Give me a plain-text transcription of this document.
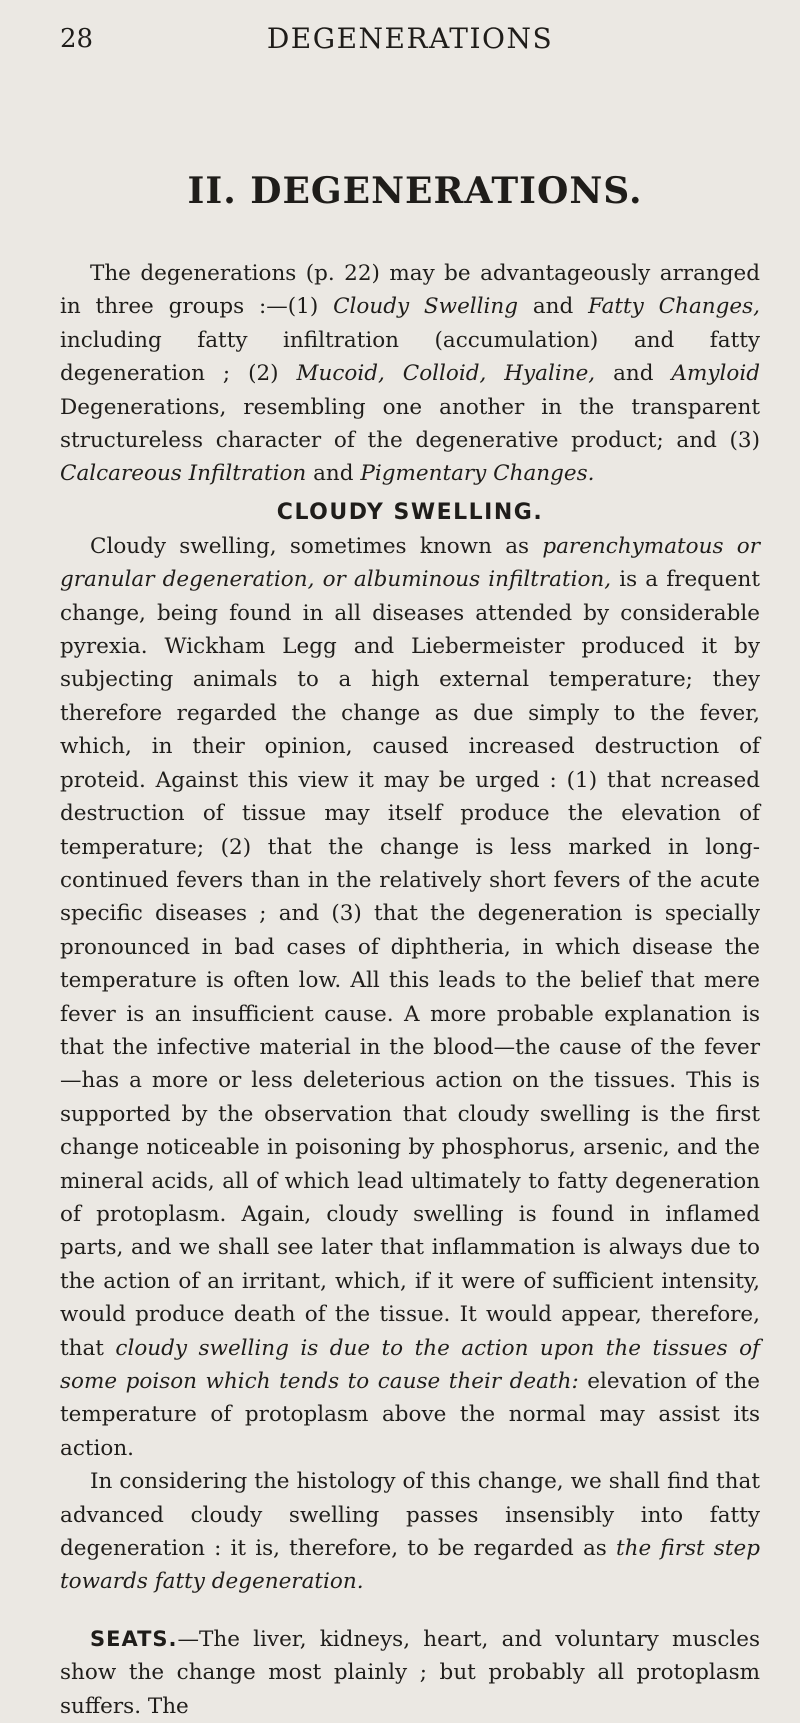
28	DEGENERATIONS
II. DEGENERATIONS.

The degenerations (p. 22) may be advantageously arranged in three groups :—(1) Cloudy Swelling and Fatty Changes, including fatty infiltration (accumulation) and fatty degeneration ; (2) Mucoid, Colloid, Hyaline, and Amyloid Degenerations, resembling one another in the transparent structureless character of the degenerative product; and (3) Calcareous Infiltration and Pigmentary Changes.

CLOUDY SWELLING.

Cloudy swelling, sometimes known as parenchymatous or granular degeneration, or albuminous infiltration, is a frequent change, being found in all diseases attended by considerable pyrexia. Wickham Legg and Liebermeister produced it by subjecting animals to a high external temperature; they therefore regarded the change as due simply to the fever, which, in their opinion, caused increased destruction of proteid. Against this view it may be urged : (1) that ncreased destruction of tissue may itself produce the elevation of temperature; (2) that the change is less marked in long-continued fevers than in the relatively short fevers of the acute specific diseases ; and (3) that the degeneration is specially pronounced in bad cases of diphtheria, in which disease the temperature is often low. All this leads to the belief that mere fever is an insufficient cause. A more probable explanation is that the infective material in the blood—the cause of the fever—has a more or less deleterious action on the tissues. This is supported by the observation that cloudy swelling is the first change noticeable in poisoning by phosphorus, arsenic, and the mineral acids, all of which lead ultimately to fatty degeneration of protoplasm. Again, cloudy swelling is found in inflamed parts, and we shall see later that inflammation is always due to the action of an irritant, which, if it were of sufficient intensity, would produce death of the tissue. It would appear, therefore, that cloudy swelling is due to the action upon the tissues of some poison which tends to cause their death: elevation of the temperature of protoplasm above the normal may assist its action.

In considering the histology of this change, we shall find that advanced cloudy swelling passes insensibly into fatty degeneration : it is, therefore, to be regarded as the first step towards fatty degeneration.

SEATS.—The liver, kidneys, heart, and voluntary muscles show the change most plainly ; but probably all protoplasm suffers. The
